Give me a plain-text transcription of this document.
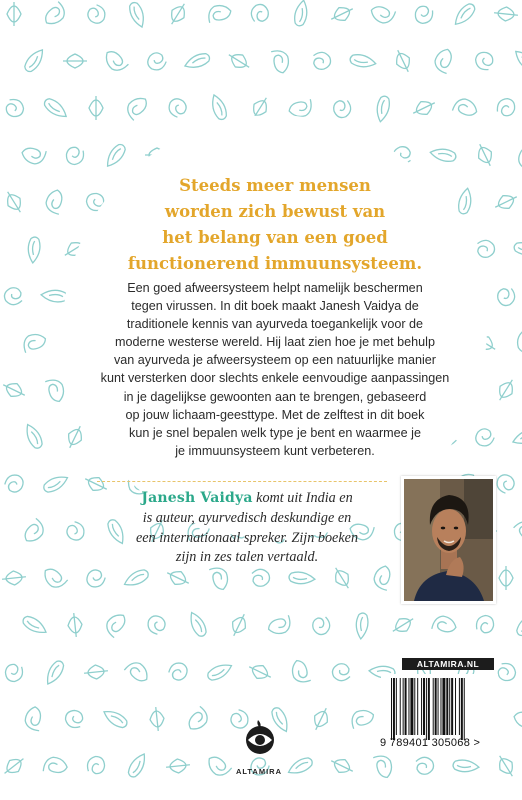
Steeds meer mensen
worden zich bewust van
het belang van een goed
functionerend immuunsysteem.

Een goed afweersysteem helpt namelijk beschermen
tegen virussen. In dit boek maakt Janesh Vaidya de
traditionele kennis van ayurveda toegankelijk voor de
moderne westerse wereld. Hij laat zien hoe je met behulp
van ayurveda je afweersysteem op een natuurlijke manier
kunt versterken door slechts enkele eenvoudige aanpassingen
in je dagelijkse gewoonten aan te brengen, gebaseerd
op jouw lichaam-geesttype. Met de zelftest in dit boek
kun je snel bepalen welk type je bent en waarmee je
je immuunsysteem kunt verbeteren.

Janesh Vaidya komt uit India en
is auteur, ayurvedisch deskundige en
een internationaal spreker. Zijn boeken
zijn in zes talen vertaald.
ALTAMIRA.NL
9 789401 305068 >
ALTAMIRA
